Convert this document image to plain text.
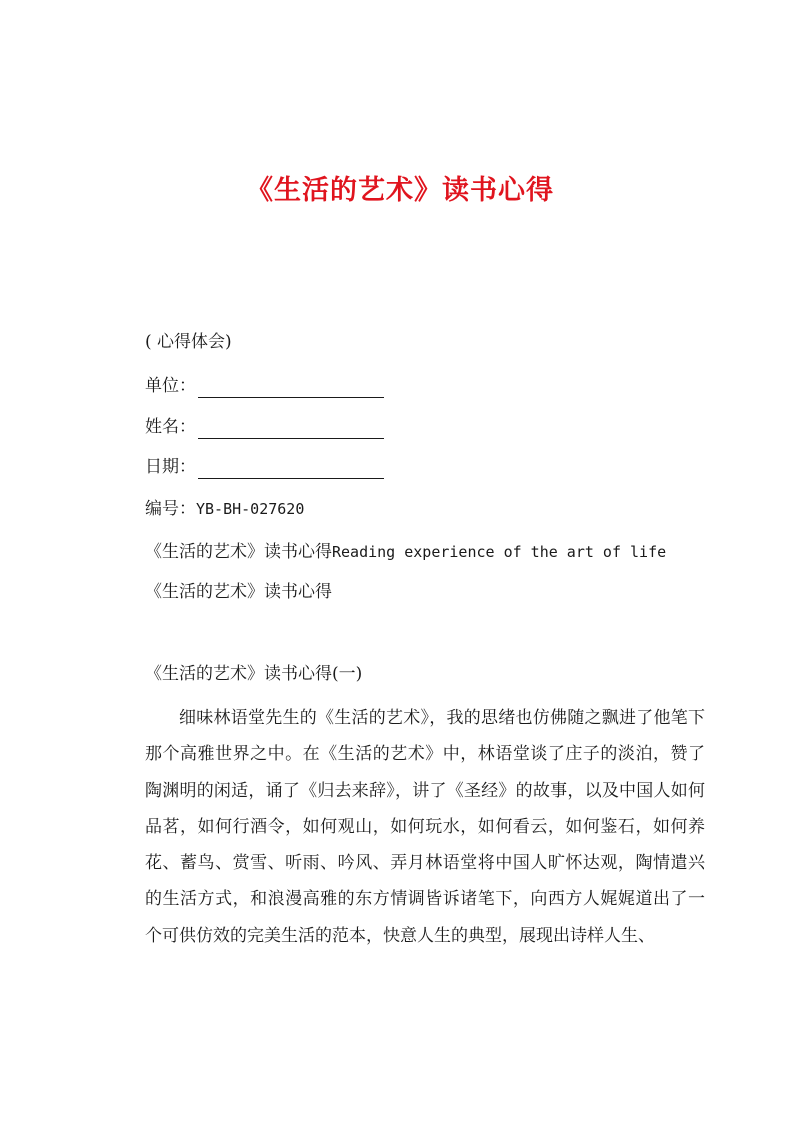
《生活的艺术》读书心得
( 心得体会)
单位：
姓名：
日期：
编号：YB-BH-027620
《生活的艺术》读书心得Reading experience of the art of life
《生活的艺术》读书心得
《生活的艺术》读书心得(一)
细味林语堂先生的《生活的艺术》，我的思绪也仿佛随之飘进了他笔下那个高雅世界之中。在《生活的艺术》中，林语堂谈了庄子的淡泊，赞了陶渊明的闲适，诵了《归去来辞》，讲了《圣经》的故事，以及中国人如何品茗，如何行酒令，如何观山，如何玩水，如何看云，如何鉴石，如何养花、蓄鸟、赏雪、听雨、吟风、弄月林语堂将中国人旷怀达观，陶情遣兴的生活方式，和浪漫高雅的东方情调皆诉诸笔下，向西方人娓娓道出了一个可供仿效的完美生活的范本，快意人生的典型，展现出诗样人生、
